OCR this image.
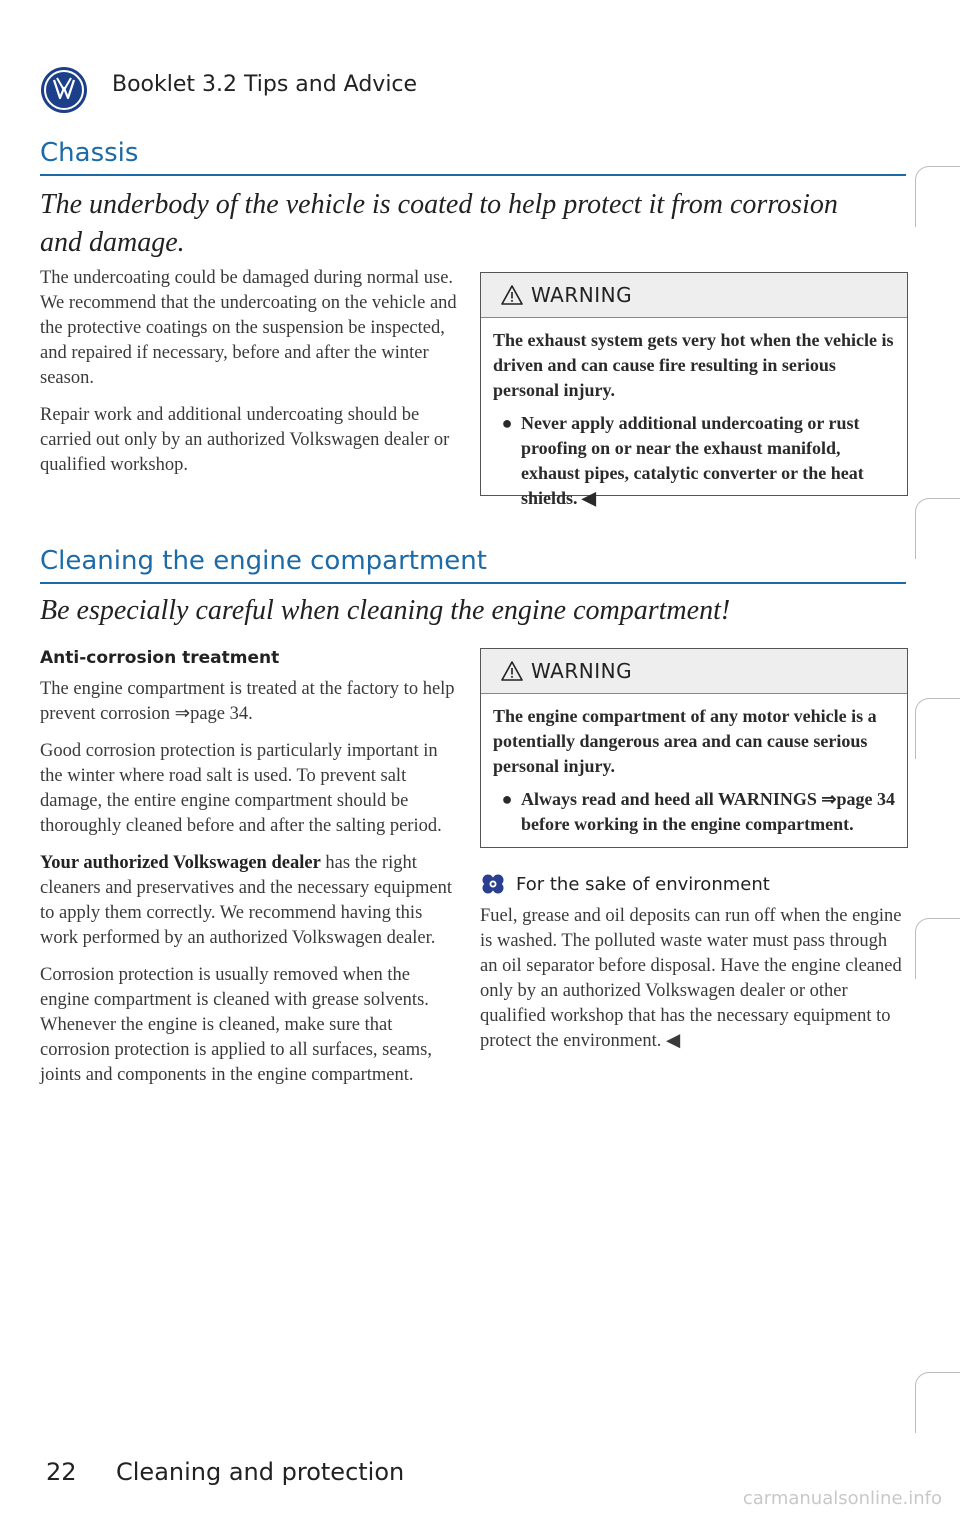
Booklet 3.2 Tips and Advice
Chassis
The underbody of the vehicle is coated to help protect it from corrosion and damage.

The undercoating could be damaged during normal use. We recommend that the undercoating on the vehicle and the protective coatings on the suspension be inspected, and repaired if necessary, before and after the winter season.

Repair work and additional undercoating should be carried out only by an authorized Volkswagen dealer or qualified workshop.

WARNING

The exhaust system gets very hot when the vehicle is driven and can cause fire resulting in serious personal injury.

● Never apply additional undercoating or rust proofing on or near the exhaust manifold, exhaust pipes, catalytic converter or the heat shields. ◀
Cleaning the engine compartment
Be especially careful when cleaning the engine compartment!
Anti-corrosion treatment

The engine compartment is treated at the factory to help prevent corrosion ⇒page 34.

Good corrosion protection is particularly important in the winter where road salt is used. To prevent salt damage, the entire engine compartment should be thoroughly cleaned before and after the salting period.

Your authorized Volkswagen dealer has the right cleaners and preservatives and the necessary equipment to apply them correctly. We recommend having this work performed by an authorized Volkswagen dealer.

Corrosion protection is usually removed when the engine compartment is cleaned with grease solvents. Whenever the engine is cleaned, make sure that corrosion protection is applied to all surfaces, seams, joints and components in the engine compartment.

WARNING

The engine compartment of any motor vehicle is a potentially dangerous area and can cause serious personal injury.

● Always read and heed all WARNINGS ⇒page 34 before working in the engine compartment.
For the sake of environment
Fuel, grease and oil deposits can run off when the engine is washed. The polluted waste water must pass through an oil separator before disposal. Have the engine cleaned only by an authorized Volkswagen dealer or other qualified workshop that has the necessary equipment to protect the environment. ◀
22 Cleaning and protection
carmanualsonline.info
